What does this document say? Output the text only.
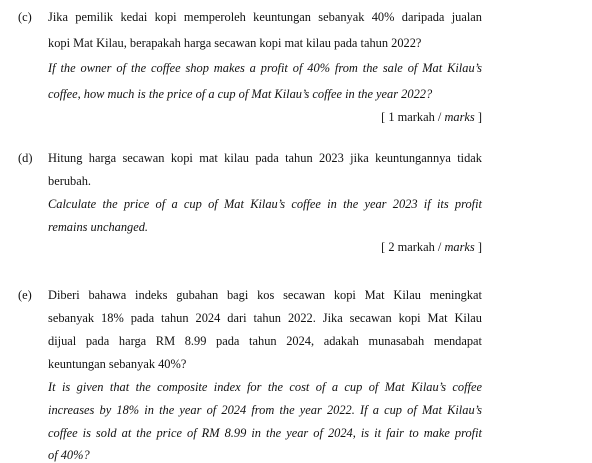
(c) Jika pemilik kedai kopi memperoleh keuntungan sebanyak 40% daripada jualan
kopi Mat Kilau, berapakah harga secawan kopi mat kilau pada tahun 2022?
If the owner of the coffee shop makes a profit of 40% from the sale of Mat Kilau’s
coffee, how much is the price of a cup of Mat Kilau’s coffee in the year 2022?
[ 1 markah / marks ]
(d) Hitung harga secawan kopi mat kilau pada tahun 2023 jika keuntungannya tidak
berubah.
Calculate the price of a cup of Mat Kilau’s coffee in the year 2023 if its profit
remains unchanged.
[ 2 markah / marks ]
(e) Diberi bahawa indeks gubahan bagi kos secawan kopi Mat Kilau meningkat
sebanyak 18% pada tahun 2024 dari tahun 2022. Jika secawan kopi Mat Kilau
dijual pada harga RM 8.99 pada tahun 2024, adakah munasabah mendapat
keuntungan sebanyak 40%?
It is given that the composite index for the cost of a cup of Mat Kilau’s coffee
increases by 18% in the year of 2024 from the year 2022. If a cup of Mat Kilau’s
coffee is sold at the price of RM 8.99 in the year of 2024, is it fair to make profit
of 40%?
